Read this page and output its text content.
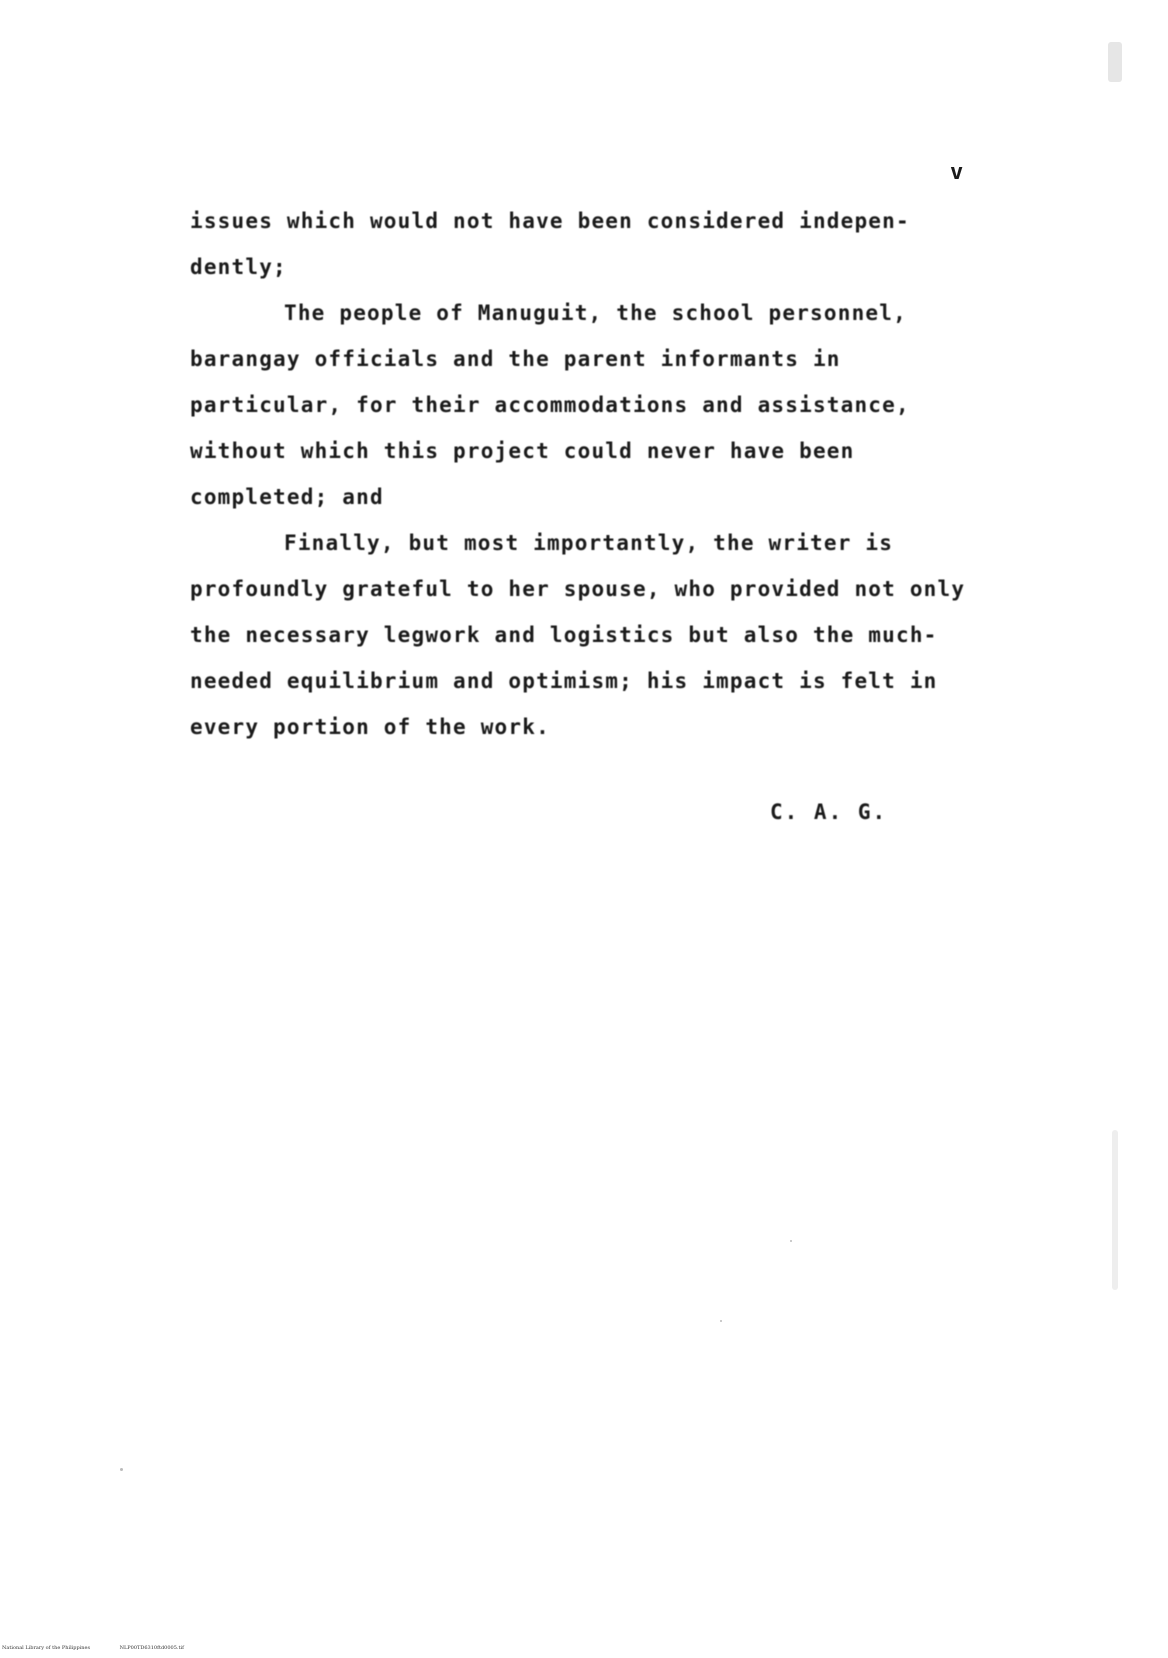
v
issues which would not have been considered indepen-
dently;
The people of Manuguit, the school personnel,
barangay officials and the parent informants in
particular, for their accommodations and assistance,
without which this project could never have been
completed; and
Finally, but most importantly, the writer is
profoundly grateful to her spouse, who provided not only
the necessary legwork and logistics but also the much-
needed equilibrium and optimism; his impact is felt in
every portion of the work.
C. A. G.
National Library of the Philippines	NLP00TD6310ftd0005.tif
